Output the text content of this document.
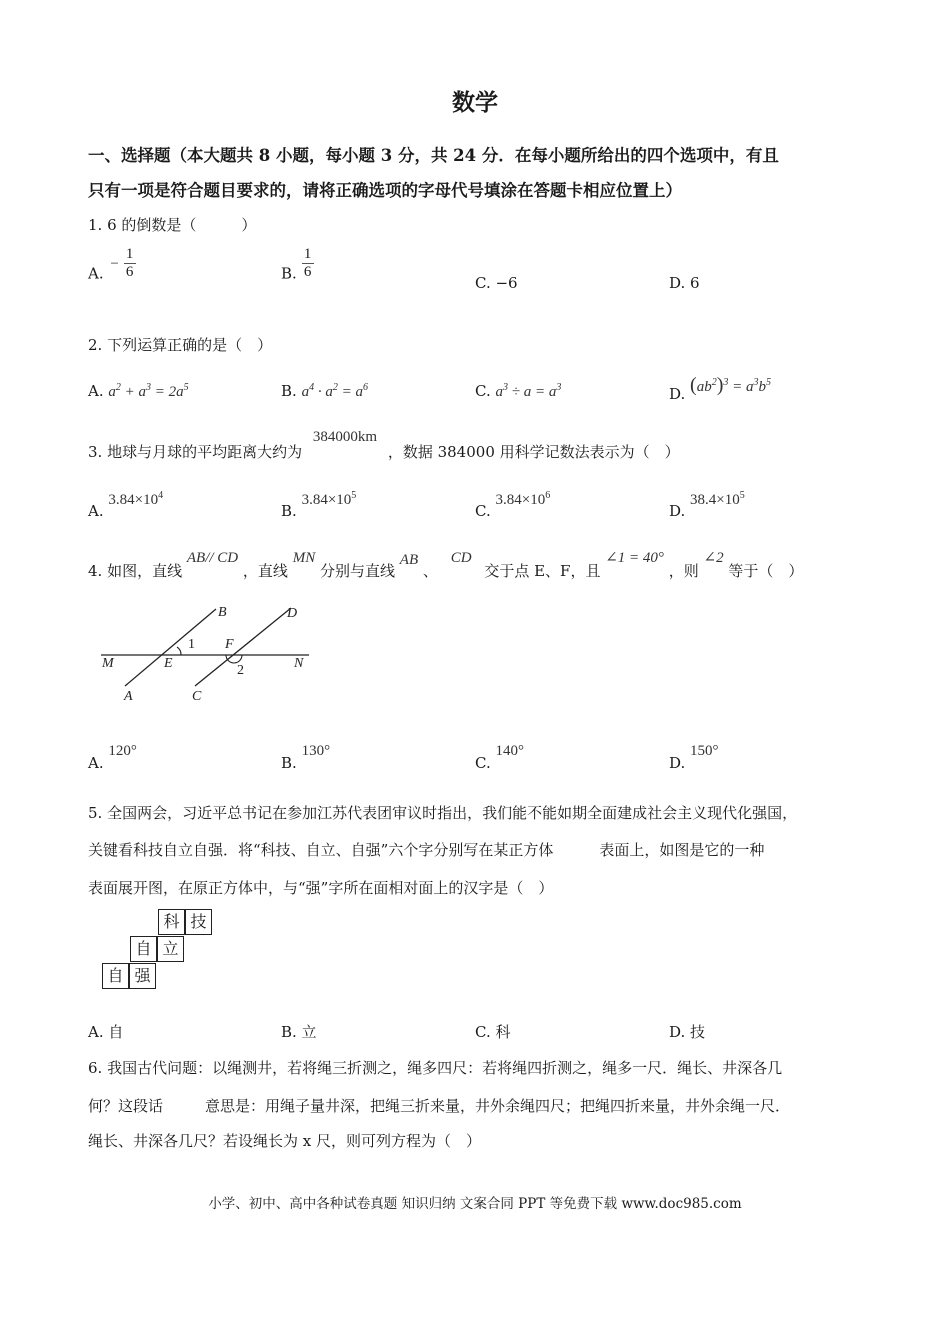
数学
一、选择题（本大题共 8 小题，每小题 3 分，共 24 分．在每小题所给出的四个选项中，有且
只有一项是符合题目要求的，请将正确选项的字母代号填涂在答题卡相应位置上）
1. 6 的倒数是（　　　）
A. − $\frac{1}{6}$	B. $\frac{1}{6}$
C. −6	D. 6
2. 下列运算正确的是（　）
A. $a^2 + a^3 = 2a^5$	B. $a^4 \cdot a^2 = a^6$	C. $a^3 \div a = a^3$	D. $(ab^2)^3 = a^3b^5$
3. 地球与月球的平均距离大约为 384000km ，数据 384000 用科学记数法表示为（　）
A. $3.84\times 10^4$
B. $3.84\times 10^5$
C. $3.84\times 10^6$
D. $38.4\times 10^5$
4. 如图，直线 AB// CD ，直线 MN 分别与直线 AB 、 CD 交于点 E、F，且 ∠1 = 40° ，则 ∠2 等于（　）
B	D
1 F
M	E	2	N
A	C
A. 120°
B. 130°
C. 140°
D. 150°
5. 全国两会，习近平总书记在参加江苏代表团审议时指出，我们能不能如期全面建成社会主义现代化强国，
关键看科技自立自强．将“科技、自立、自强”六个字分别写在某正方体	表面上，如图是它的一种
表面展开图，在原正方体中，与“强”字所在面相对面上的汉字是（　）
科 技
自 立
自 强
A. 自	B. 立	C. 科	D. 技
6. 我国古代问题：以绳测井，若将绳三折测之，绳多四尺：若将绳四折测之，绳多一尺．绳长、井深各几
何？这段话	意思是：用绳子量井深，把绳三折来量，井外余绳四尺；把绳四折来量，井外余绳一尺．
绳长、井深各几尺？若设绳长为 x 尺，则可列方程为（　）
小学、初中、高中各种试卷真题 知识归纳 文案合同 PPT 等免费下载 www.doc985.com
